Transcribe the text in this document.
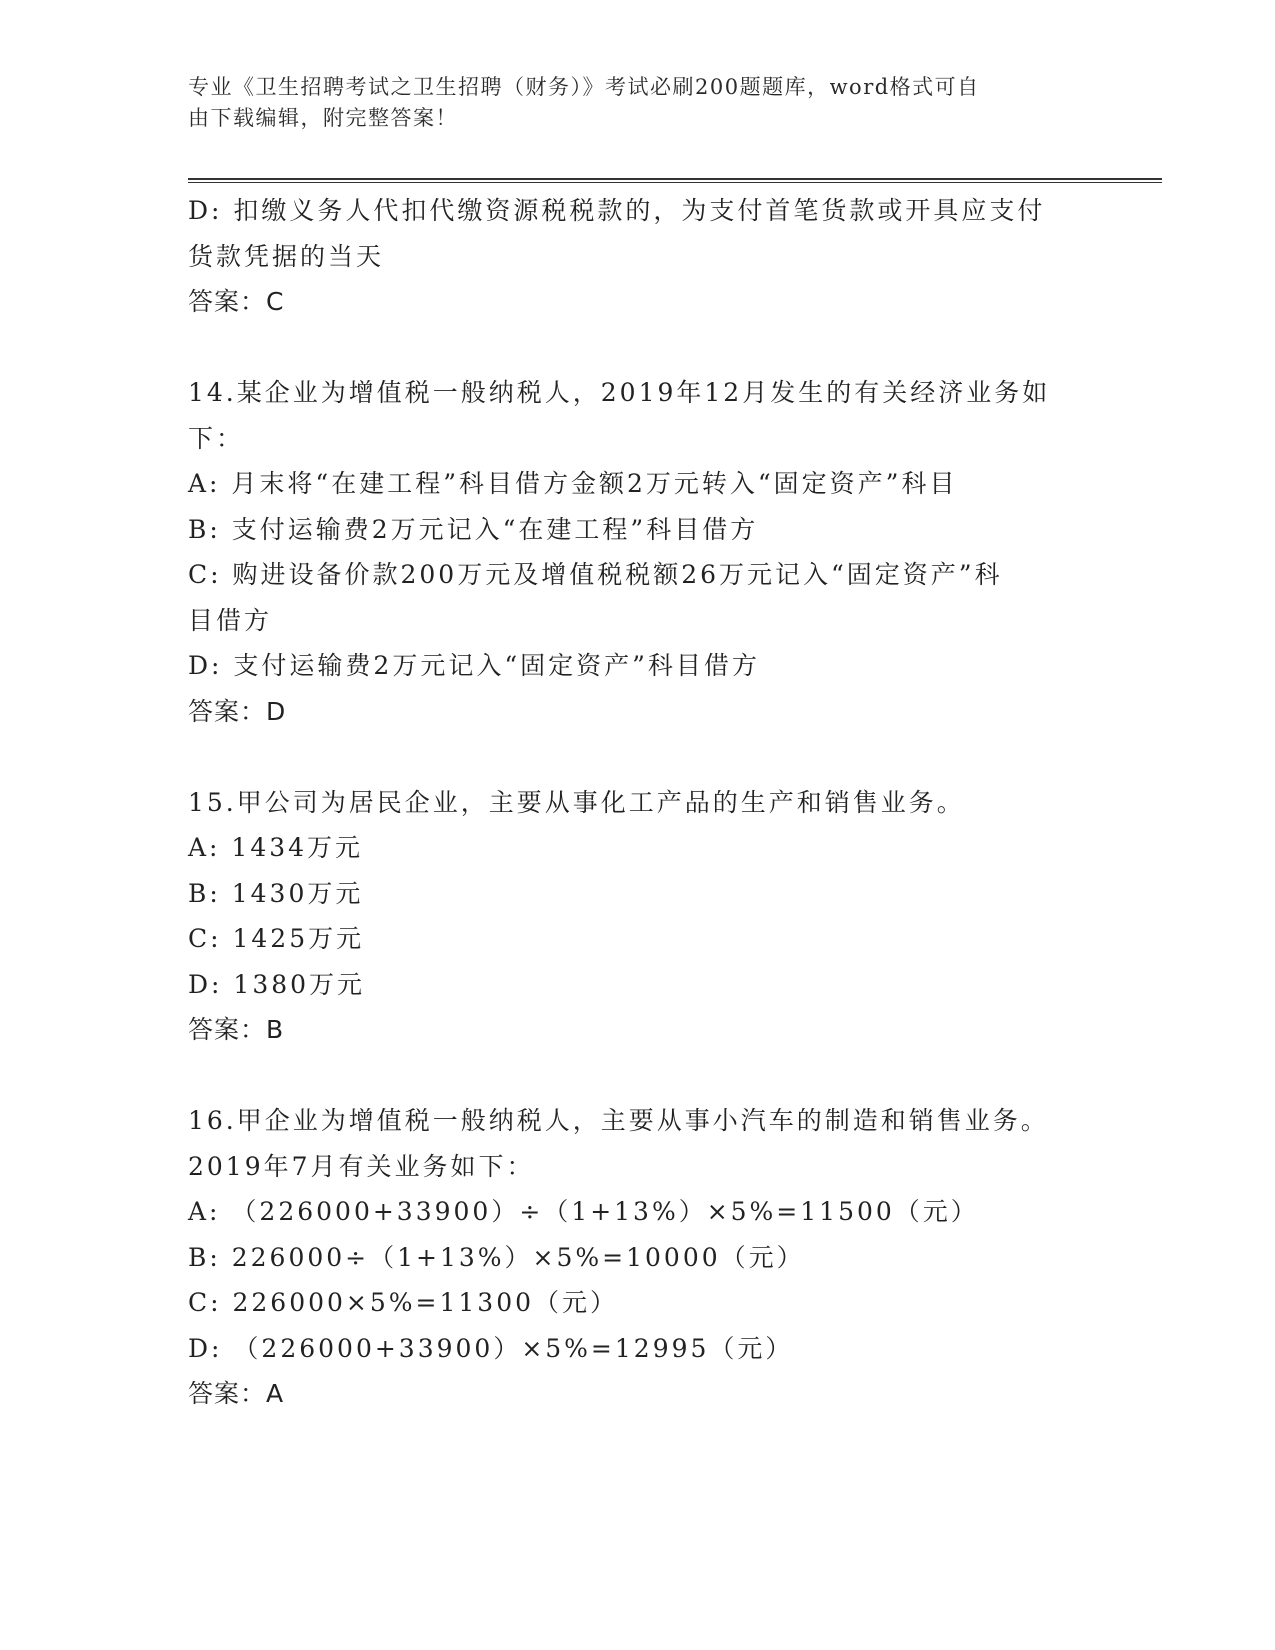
专业《卫生招聘考试之卫生招聘（财务）》考试必刷200题题库，word格式可自
由下载编辑，附完整答案！
D: 扣缴义务人代扣代缴资源税税款的，为支付首笔货款或开具应支付
货款凭据的当天
答案：C
14.某企业为增值税一般纳税人，2019年12月发生的有关经济业务如
下：
A: 月末将“在建工程”科目借方金额2万元转入“固定资产”科目
B: 支付运输费2万元记入“在建工程”科目借方
C: 购进设备价款200万元及增值税税额26万元记入“固定资产”科
目借方
D: 支付运输费2万元记入“固定资产”科目借方
答案：D
15.甲公司为居民企业，主要从事化工产品的生产和销售业务。
A: 1434万元
B: 1430万元
C: 1425万元
D: 1380万元
答案：B
16.甲企业为增值税一般纳税人，主要从事小汽车的制造和销售业务。
2019年7月有关业务如下：
A: （226000+33900）÷（1+13%）×5%=11500（元）
B: 226000÷（1+13%）×5%=10000（元）
C: 226000×5%=11300（元）
D: （226000+33900）×5%=12995（元）
答案：A
